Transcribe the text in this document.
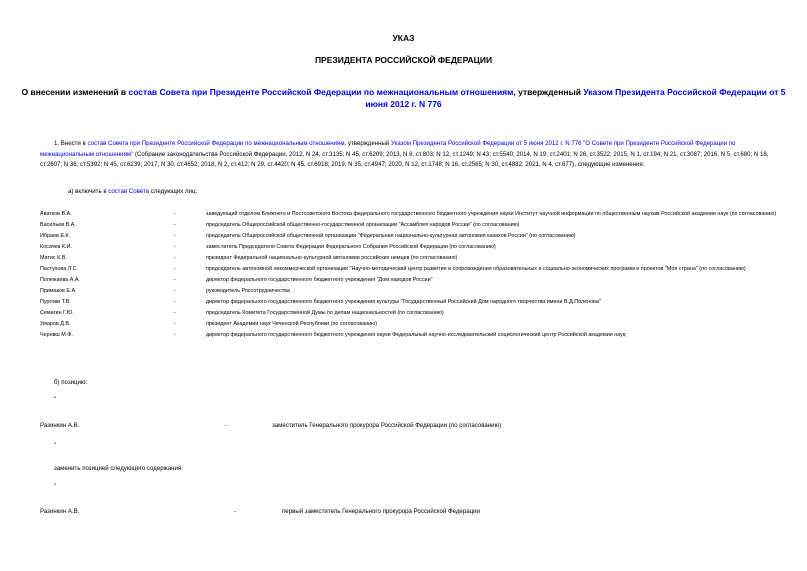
УКАЗ
ПРЕЗИДЕНТА РОССИЙСКОЙ ФЕДЕРАЦИИ
О внесении изменений в состав Совета при Президенте Российской Федерации по межнациональным отношениям, утвержденный Указом Президента Российской Федерации от 5 июня 2012 г. N 776
1. Внести в состав Совета при Президенте Российской Федерации по межнациональным отношениям, утвержденный Указом Президента Российской Федерации от 5 июня 2012 г. N 776 "О Совете при Президенте Российской Федерации по межнациональным отношениям" (Собрание законодательства Российской Федерации, 2012, N 24, ст.3135; N 45, ст.6209; 2013, N 8, ст.803; N 12, ст.1249; N 43, ст.5540; 2014, N 19, ст.2401; N 26, ст.3522; 2015, N 1, ст.194; N 21, ст.3087; 2016, N 5, ст.680; N 18, ст.2607; N 36, ст.5392; N 45, ст.6239; 2017, N 30, ст.4652; 2018, N 2, ст.412; N 29, ст.4420; N 45, ст.6918; 2019, N 35, ст.4947; 2020, N 12, ст.1748; N 16, ст.2565; N 30, ст.4882; 2021, N 4, ст.677), следующие изменения:
а) включить в состав Совета следующих лиц:
Аватков В.А.	-	заведующий отделом Ближнего и Постсоветского Востока федерального государственного бюджетного учреждения науки Институт научной информации по общественным наукам Российской академии наук (по согласованию)
Васильев В.А.	-	председатель Общероссийской общественно-государственной организации "Ассамблея народов России" (по согласованию)
Ибраев Е.К.	-	председатель Общероссийской общественной организации "Федеральная национально-культурная автономия казахов России" (по согласованию)
Косачев К.И.	-	заместитель Председателя Совета Федерации Федерального Собрания Российской Федерации (по согласованию)
Матис К.В.	-	президент Федеральной национально-культурной автономии российских немцев (по согласованию)
Пастухова Л.С.	-	председатель автономной некоммерческой организации "Научно-методический центр развития и сопровождения образовательных и социально-экономических программ и проектов "Моя страна" (по согласованию)
Полежаева А.А.	-	директор федерального государственного бюджетного учреждения "Дом народов России"
Примаков Е.А.	-	руководитель Россотрудничества
Пурговв Т.В.	-	директор федерального государственного бюджетного учреждения культуры "Государственный Российский Дом народного творчества имени В.Д.Поленова"
Семигин Г.Ю.	-	председатель Комитета Государственной Думы по делам национальностей (по согласованию)
Умаров Д.В.	-	президент Академии наук Чеченской Республики (по согласованию)
Чернвш М.Ф.	-	директор федерального государственного бюджетного учреждения науки Федеральный научно-исследовательский социологический центр Российской академии наук;
б) позицию:
"
Разинкин А.В.	-	заместитель Генерального прокурора Российской Федерации (по согласованию)
"
заменить позицией следующего содержания:
"
Разинкин А.В.	-	первый заместитель Генерального прокурора Российской Федерации
